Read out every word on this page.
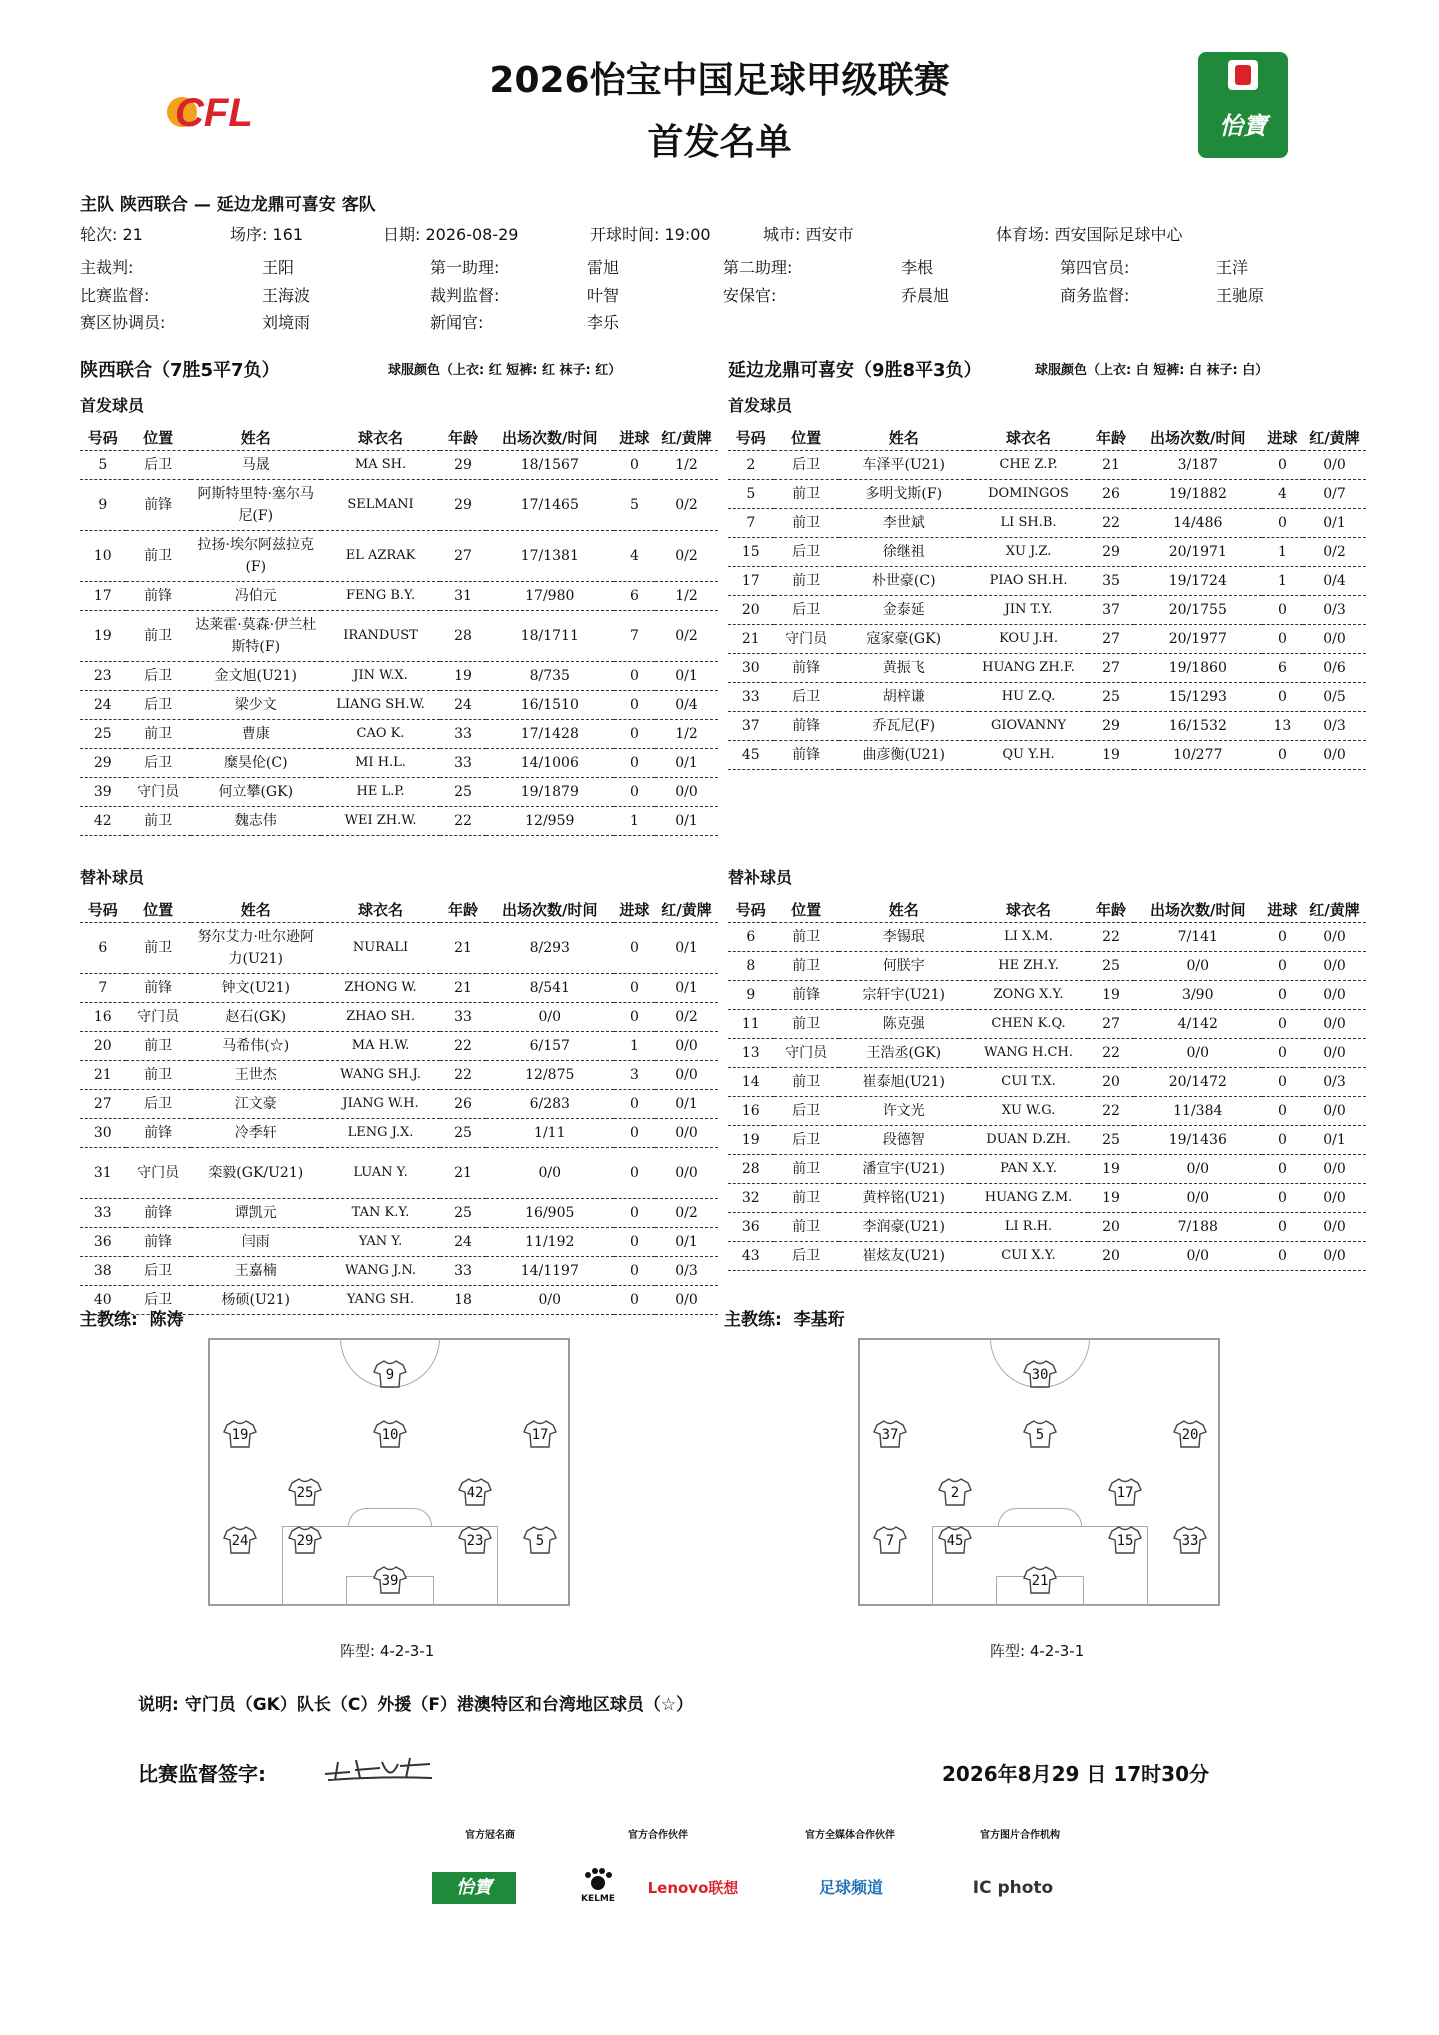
CFL
2026怡宝中国足球甲级联赛
首发名单	怡寶
主队 陕西联合 — 延边龙鼎可喜安 客队
轮次: 21	场序: 161	日期: 2026-08-29	开球时间: 19:00	城市: 西安市	体育场: 西安国际足球中心
主裁判:	王阳	第一助理:	雷旭	第二助理:	李根	第四官员:	王洋
比赛监督:	王海波	裁判监督:	叶智	安保官:	乔晨旭	商务监督:	王驰原
赛区协调员:	刘境雨	新闻官:	李乐
陕西联合（7胜5平7负）	球服颜色（上衣: 红 短裤: 红 袜子: 红）	延边龙鼎可喜安（9胜8平3负）	球服颜色（上衣: 白 短裤: 白 袜子: 白）
首发球员	首发球员
号码	位置	姓名	球衣名	年龄	出场次数/时间	进球	红/黄牌
5	后卫	马晟	MA SH.	29	18/1567	0	1/2
9	前锋	阿斯特里特·塞尔马尼(F)	SELMANI	29	17/1465	5	0/2
10	前卫	拉扬·埃尔阿兹拉克(F)	EL AZRAK	27	17/1381	4	0/2
17	前锋	冯伯元	FENG B.Y.	31	17/980	6	1/2
19	前卫	达莱霍·莫森·伊兰杜斯特(F)	IRANDUST	28	18/1711	7	0/2
23	后卫	金文旭(U21)	JIN W.X.	19	8/735	0	0/1
24	后卫	梁少文	LIANG SH.W.	24	16/1510	0	0/4
25	前卫	曹康	CAO K.	33	17/1428	0	1/2
29	后卫	糜昊伦(C)	MI H.L.	33	14/1006	0	0/1
39	守门员	何立攀(GK)	HE L.P.	25	19/1879	0	0/0
42	前卫	魏志伟	WEI ZH.W.	22	12/959	1	0/1
号码	位置	姓名	球衣名	年龄	出场次数/时间	进球	红/黄牌
2	后卫	车泽平(U21)	CHE Z.P.	21	3/187	0	0/0
5	前卫	多明戈斯(F)	DOMINGOS	26	19/1882	4	0/7
7	前卫	李世斌	LI SH.B.	22	14/486	0	0/1
15	后卫	徐继祖	XU J.Z.	29	20/1971	1	0/2
17	前卫	朴世豪(C)	PIAO SH.H.	35	19/1724	1	0/4
20	后卫	金泰延	JIN T.Y.	37	20/1755	0	0/3
21	守门员	寇家豪(GK)	KOU J.H.	27	20/1977	0	0/0
30	前锋	黄振飞	HUANG ZH.F.	27	19/1860	6	0/6
33	后卫	胡梓谦	HU Z.Q.	25	15/1293	0	0/5
37	前锋	乔瓦尼(F)	GIOVANNY	29	16/1532	13	0/3
45	前锋	曲彦衡(U21)	QU Y.H.	19	10/277	0	0/0
替补球员	替补球员
号码	位置	姓名	球衣名	年龄	出场次数/时间	进球	红/黄牌
6	前卫	努尔艾力·吐尔逊阿力(U21)	NURALI	21	8/293	0	0/1
7	前锋	钟文(U21)	ZHONG W.	21	8/541	0	0/1
16	守门员	赵石(GK)	ZHAO SH.	33	0/0	0	0/2
20	前卫	马希伟(☆)	MA H.W.	22	6/157	1	0/0
21	前卫	王世杰	WANG SH.J.	22	12/875	3	0/0
27	后卫	江文豪	JIANG W.H.	26	6/283	0	0/1
30	前锋	冷季轩	LENG J.X.	25	1/11	0	0/0
31	守门员	栾毅(GK/U21)	LUAN Y.	21	0/0	0	0/0
33	前锋	谭凯元	TAN K.Y.	25	16/905	0	0/2
36	前锋	闫雨	YAN Y.	24	11/192	0	0/1
38	后卫	王嘉楠	WANG J.N.	33	14/1197	0	0/3
40	后卫	杨硕(U21)	YANG SH.	18	0/0	0	0/0
号码	位置	姓名	球衣名	年龄	出场次数/时间	进球	红/黄牌
6	前卫	李锡珉	LI X.M.	22	7/141	0	0/0
8	前卫	何朕宇	HE ZH.Y.	25	0/0	0	0/0
9	前锋	宗轩宇(U21)	ZONG X.Y.	19	3/90	0	0/0
11	前卫	陈克强	CHEN K.Q.	27	4/142	0	0/0
13	守门员	王浩丞(GK)	WANG H.CH.	22	0/0	0	0/0
14	前卫	崔泰旭(U21)	CUI T.X.	20	20/1472	0	0/3
16	后卫	许文光	XU W.G.	22	11/384	0	0/0
19	后卫	段德智	DUAN D.ZH.	25	19/1436	0	0/1
28	前卫	潘宣宇(U21)	PAN X.Y.	19	0/0	0	0/0
32	前卫	黄梓铭(U21)	HUANG Z.M.	19	0/0	0	0/0
36	前卫	李润豪(U21)	LI R.H.	20	7/188	0	0/0
43	后卫	崔炫友(U21)	CUI X.Y.	20	0/0	0	0/0
主教练: 陈涛	主教练: 李基珩
9
19	10	17
25	42
24	29	23	5
39
30
37	5	20
2	17
7	45	15	33
21
阵型: 4-2-3-1	阵型: 4-2-3-1
说明: 守门员（GK）队长（C）外援（F）港澳特区和台湾地区球员（☆）
比赛监督签字:	2026年8月29 日 17时30分
官方冠名商	官方合作伙伴	官方全媒体合作伙伴	官方图片合作机构
怡寶
KELME
Lenovo联想	足球频道	IC photo
